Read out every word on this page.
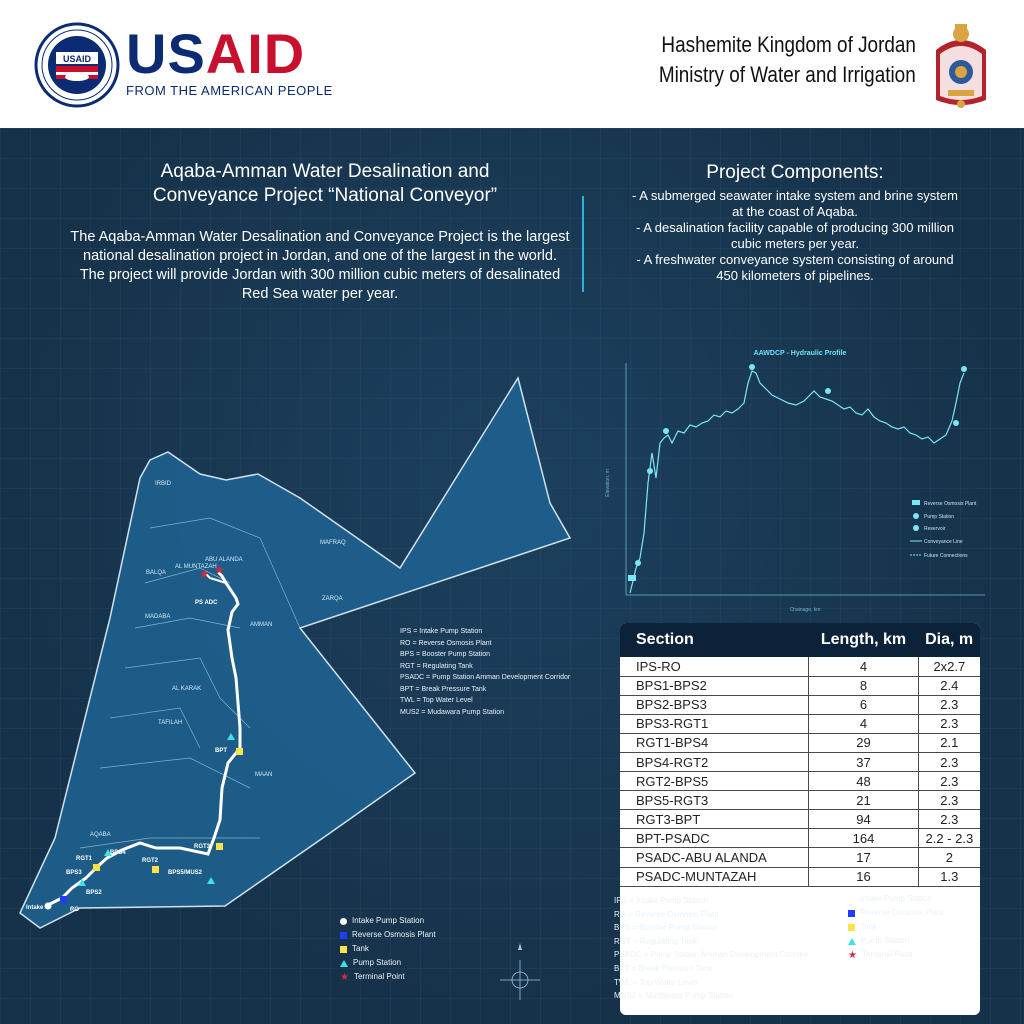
USAID USAID
FROM THE AMERICAN PEOPLE
Hashemite Kingdom of Jordan
Ministry of Water and Irrigation
Aqaba-Amman Water Desalination and
Conveyance Project “National Conveyor”
The Aqaba-Amman Water Desalination and Conveyance Project is the largest national desalination project in Jordan, and one of the largest in the world. The project will provide Jordan with 300 million cubic meters of desalinated Red Sea water per year.
Project Components:
- A submerged seawater intake system and brine system at the coast of Aqaba.
- A desalination facility capable of producing 300 million cubic meters per year.
- A freshwater conveyance system consisting of around
450 kilometers of pipelines.
AAWDCP - Hydraulic Profile
Elevation, m
Chainage, km
Reverse Osmosis Plant
Pump Station
Reservoir
Conveyance Line
Future Connections
IRBID
MAFRAQ
BALQA
AL MUNTAZAH
ABU ALANDA
ZARQA
MADABA
AMMAN
AL KARAK
TAFILAH
MAAN
AQABA
★ ★
PS ADC
BPT
RGT3
RGT2
BPS5/MUS2
RGT1
BPS4
BPS3
BPS2
RO
Intake
IPS = Intake Pump Station
RO = Reverse Osmosis Plant
BPS = Booster Pump Station
RGT = Regulating Tank
PSADC = Pump Station Amman Development Corridor
BPT = Break Pressure Tank
TWL = Top Water Level
MUS2 = Mudawara Pump Station
Intake Pump Station
Reverse Osmosis Plant
Tank
Pump Station
★ Terminal Point
Section	Length, km	Dia, m
IPS-RO	4	2x2.7
BPS1-BPS2	8	2.4
BPS2-BPS3	6	2.3
BPS3-RGT1	4	2.3
RGT1-BPS4	29	2.1
BPS4-RGT2	37	2.3
RGT2-BPS5	48	2.3
BPS5-RGT3	21	2.3
RGT3-BPT	94	2.3
BPT-PSADC	164	2.2 - 2.3
PSADC-ABU ALANDA	17	2
PSADC-MUNTAZAH	16	1.3
IPS = Intake Pump Station
RO = Reverse Osmosis Plant
BPS = Booster Pump Station
RGT = Regulating Tank
PSADC = Pump Station Amman Development Corridor
BPT = Break Pressure Tank
TWL = Top Water Level
MUS2 = Mudawara Pump Station
Intake Pump Station
Reverse Osmosis Plant
Tank
Pump Station
★ Terminal Point
